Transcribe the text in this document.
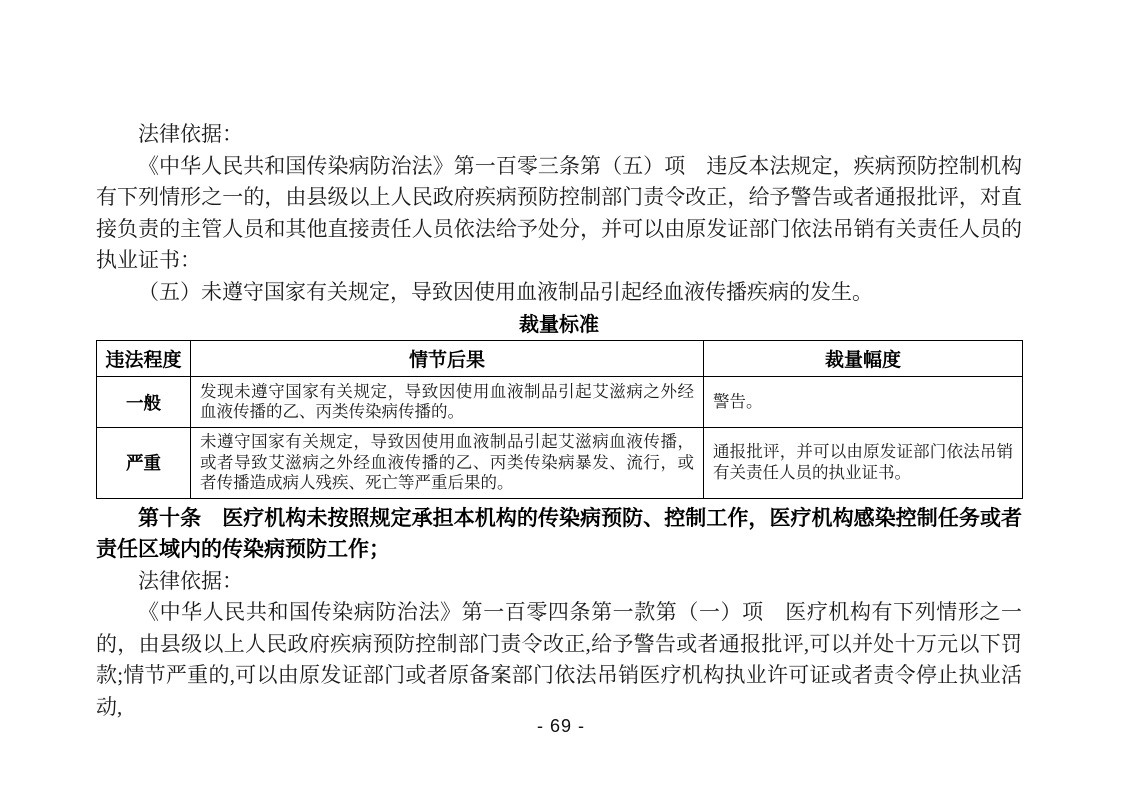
法律依据：

《中华人民共和国传染病防治法》第一百零三条第（五）项　违反本法规定，疾病预防控制机构有下列情形之一的，由县级以上人民政府疾病预防控制部门责令改正，给予警告或者通报批评，对直接负责的主管人员和其他直接责任人员依法给予处分，并可以由原发证部门依法吊销有关责任人员的执业证书：

（五）未遵守国家有关规定，导致因使用血液制品引起经血液传播疾病的发生。

裁量标准
违法程度	情节后果	裁量幅度
一般	发现未遵守国家有关规定，导致因使用血液制品引起艾滋病之外经血液传播的乙、丙类传染病传播的。	警告。
严重	未遵守国家有关规定，导致因使用血液制品引起艾滋病血液传播，或者导致艾滋病之外经血液传播的乙、丙类传染病暴发、流行，或者传播造成病人残疾、死亡等严重后果的。	通报批评，并可以由原发证部门依法吊销有关责任人员的执业证书。

第十条　医疗机构未按照规定承担本机构的传染病预防、控制工作，医疗机构感染控制任务或者责任区域内的传染病预防工作；

法律依据：

《中华人民共和国传染病防治法》第一百零四条第一款第（一）项　医疗机构有下列情形之一的，由县级以上人民政府疾病预防控制部门责令改正,给予警告或者通报批评,可以并处十万元以下罚款;情节严重的,可以由原发证部门或者原备案部门依法吊销医疗机构执业许可证或者责令停止执业活动,

- 69 -
